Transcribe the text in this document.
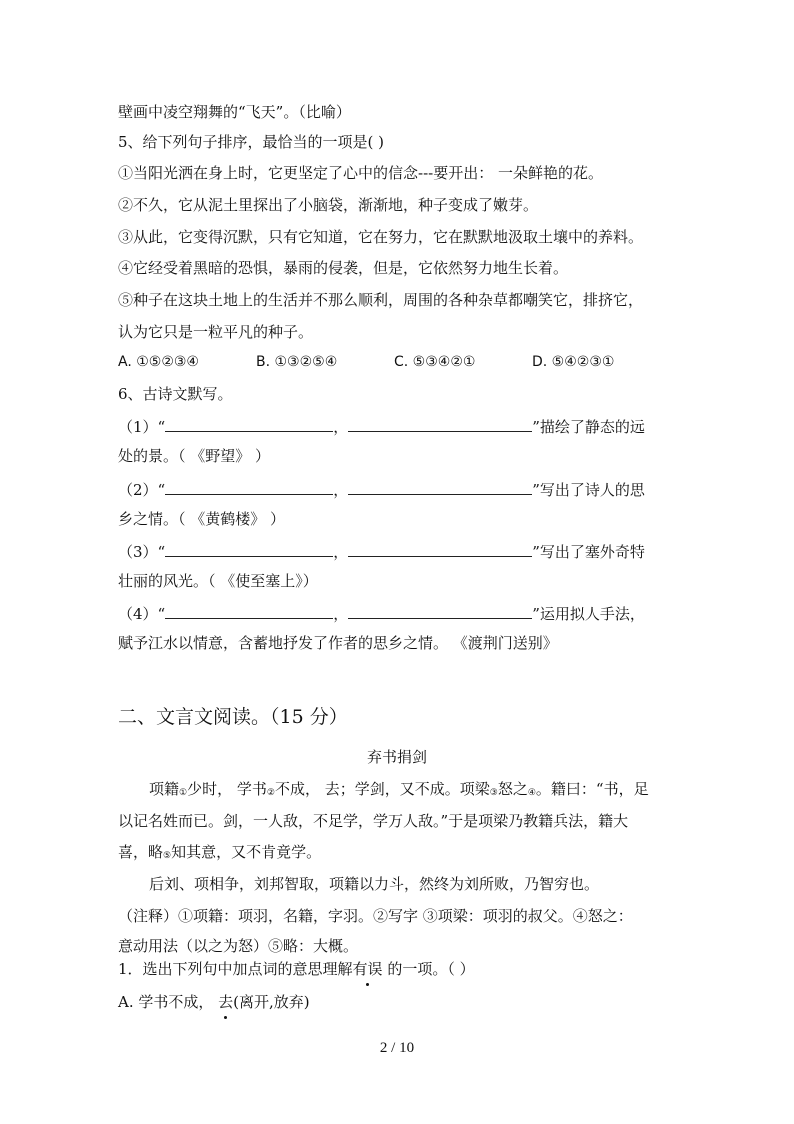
壁画中凌空翔舞的“飞天”。（比喻）
5、给下列句子排序，最恰当的一项是( )
①当阳光洒在身上时，它更坚定了心中的信念---要开出： 一朵鲜艳的花。
②不久，它从泥土里探出了小脑袋，渐渐地，种子变成了嫩芽。
③从此，它变得沉默，只有它知道，它在努力，它在默默地汲取土壤中的养料。
④它经受着黑暗的恐惧，暴雨的侵袭，但是，它依然努力地生长着。
⑤种子在这块土地上的生活并不那么顺利，周围的各种杂草都嘲笑它，排挤它，
认为它只是一粒平凡的种子。
A. ①⑤②③④	B. ①③②⑤④	C. ⑤③④②①	D. ⑤④②③①
6、古诗文默写。
（1）“	，	”描绘了静态的远
处的景。（ 《野望》 ）
（2）“	，	”写出了诗人的思
乡之情。（ 《黄鹤楼》 ）
（3）“	，	”写出了塞外奇特
壮丽的风光。（ 《使至塞上》）
（4）“	，	”运用拟人手法，
赋予江水以情意，含蓄地抒发了作者的思乡之情。 《渡荆门送别》
二、文言文阅读。（15 分）
弃书捐剑
项籍①少时， 学书②不成， 去；学剑，又不成。项梁③怒之④。籍曰：“书，足
以记名姓而已。剑，一人敌，不足学，学万人敌。”于是项梁乃教籍兵法，籍大
喜，略⑤知其意，又不肯竟学。
后刘、项相争，刘邦智取，项籍以力斗，然终为刘所败，乃智穷也。
（注释）①项籍：项羽，名籍，字羽。②写字 ③项梁：项羽的叔父。④怒之：
意动用法（以之为怒）⑤略：大概。
1．选出下列句中加点词的意思理解有误 的一项。（ ）
A. 学书不成， 去(离开,放弃)
2 / 10
